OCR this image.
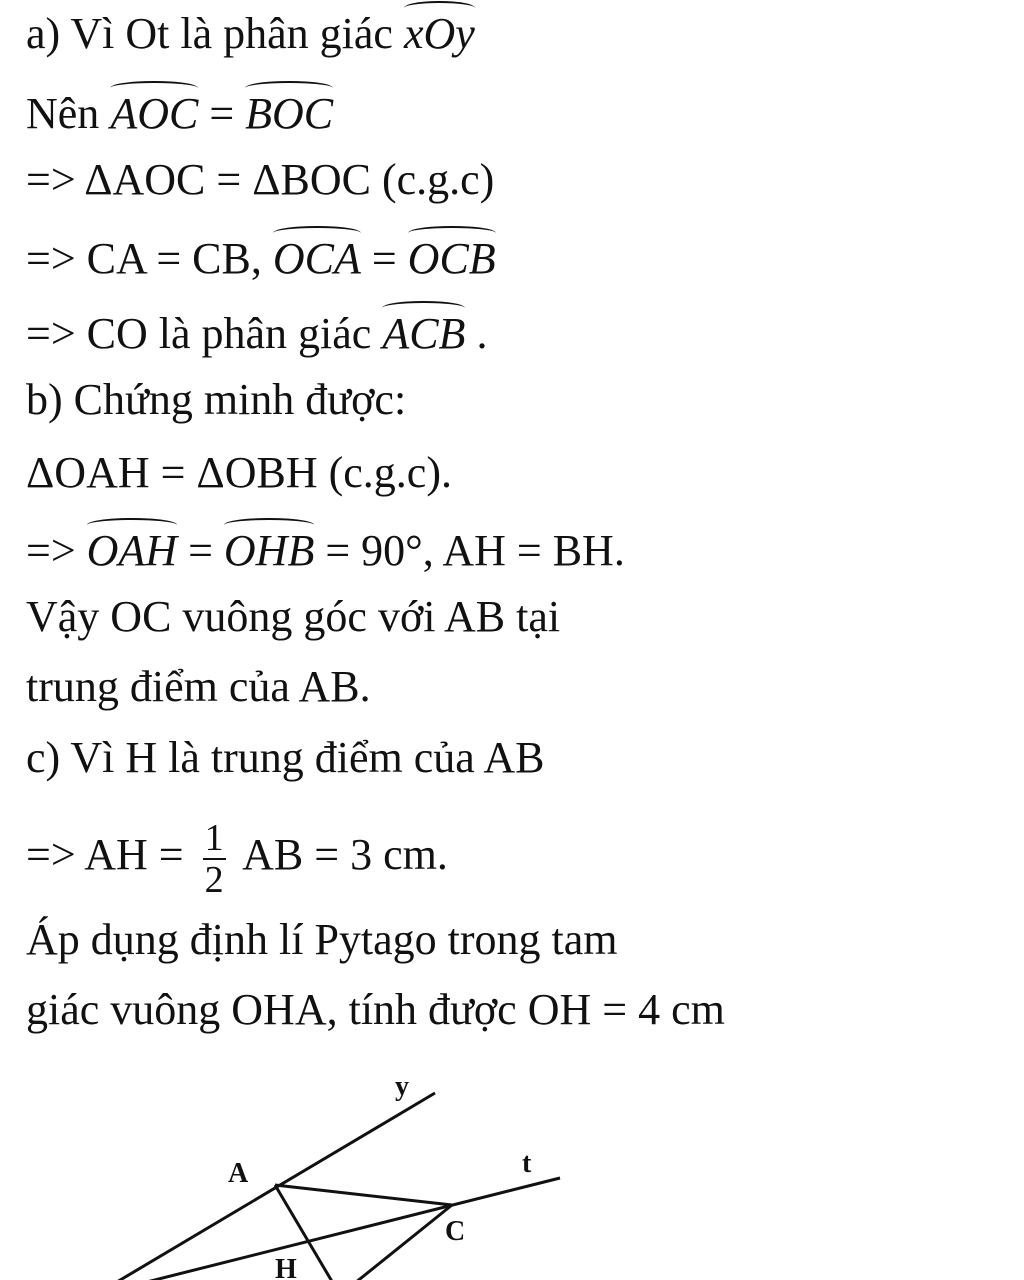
a) Vì Ot là phân giác xOy
Nên AOC = BOC
=> ΔAOC = ΔBOC (c.g.c)
=> CA = CB, OCA = OCB
=> CO là phân giác ACB .
b) Chứng minh được:
ΔOAH = ΔOBH (c.g.c).
=> OAH = OHB = 90°, AH = BH.
Vậy OC vuông góc với AB tại
trung điểm của AB.
c) Vì H là trung điểm của AB
=> AH = $\frac{1}{2}$ AB = 3 cm.
Áp dụng định lí Pytago trong tam
giác vuông OHA, tính được OH = 4 cm
y
t
A
C
H
